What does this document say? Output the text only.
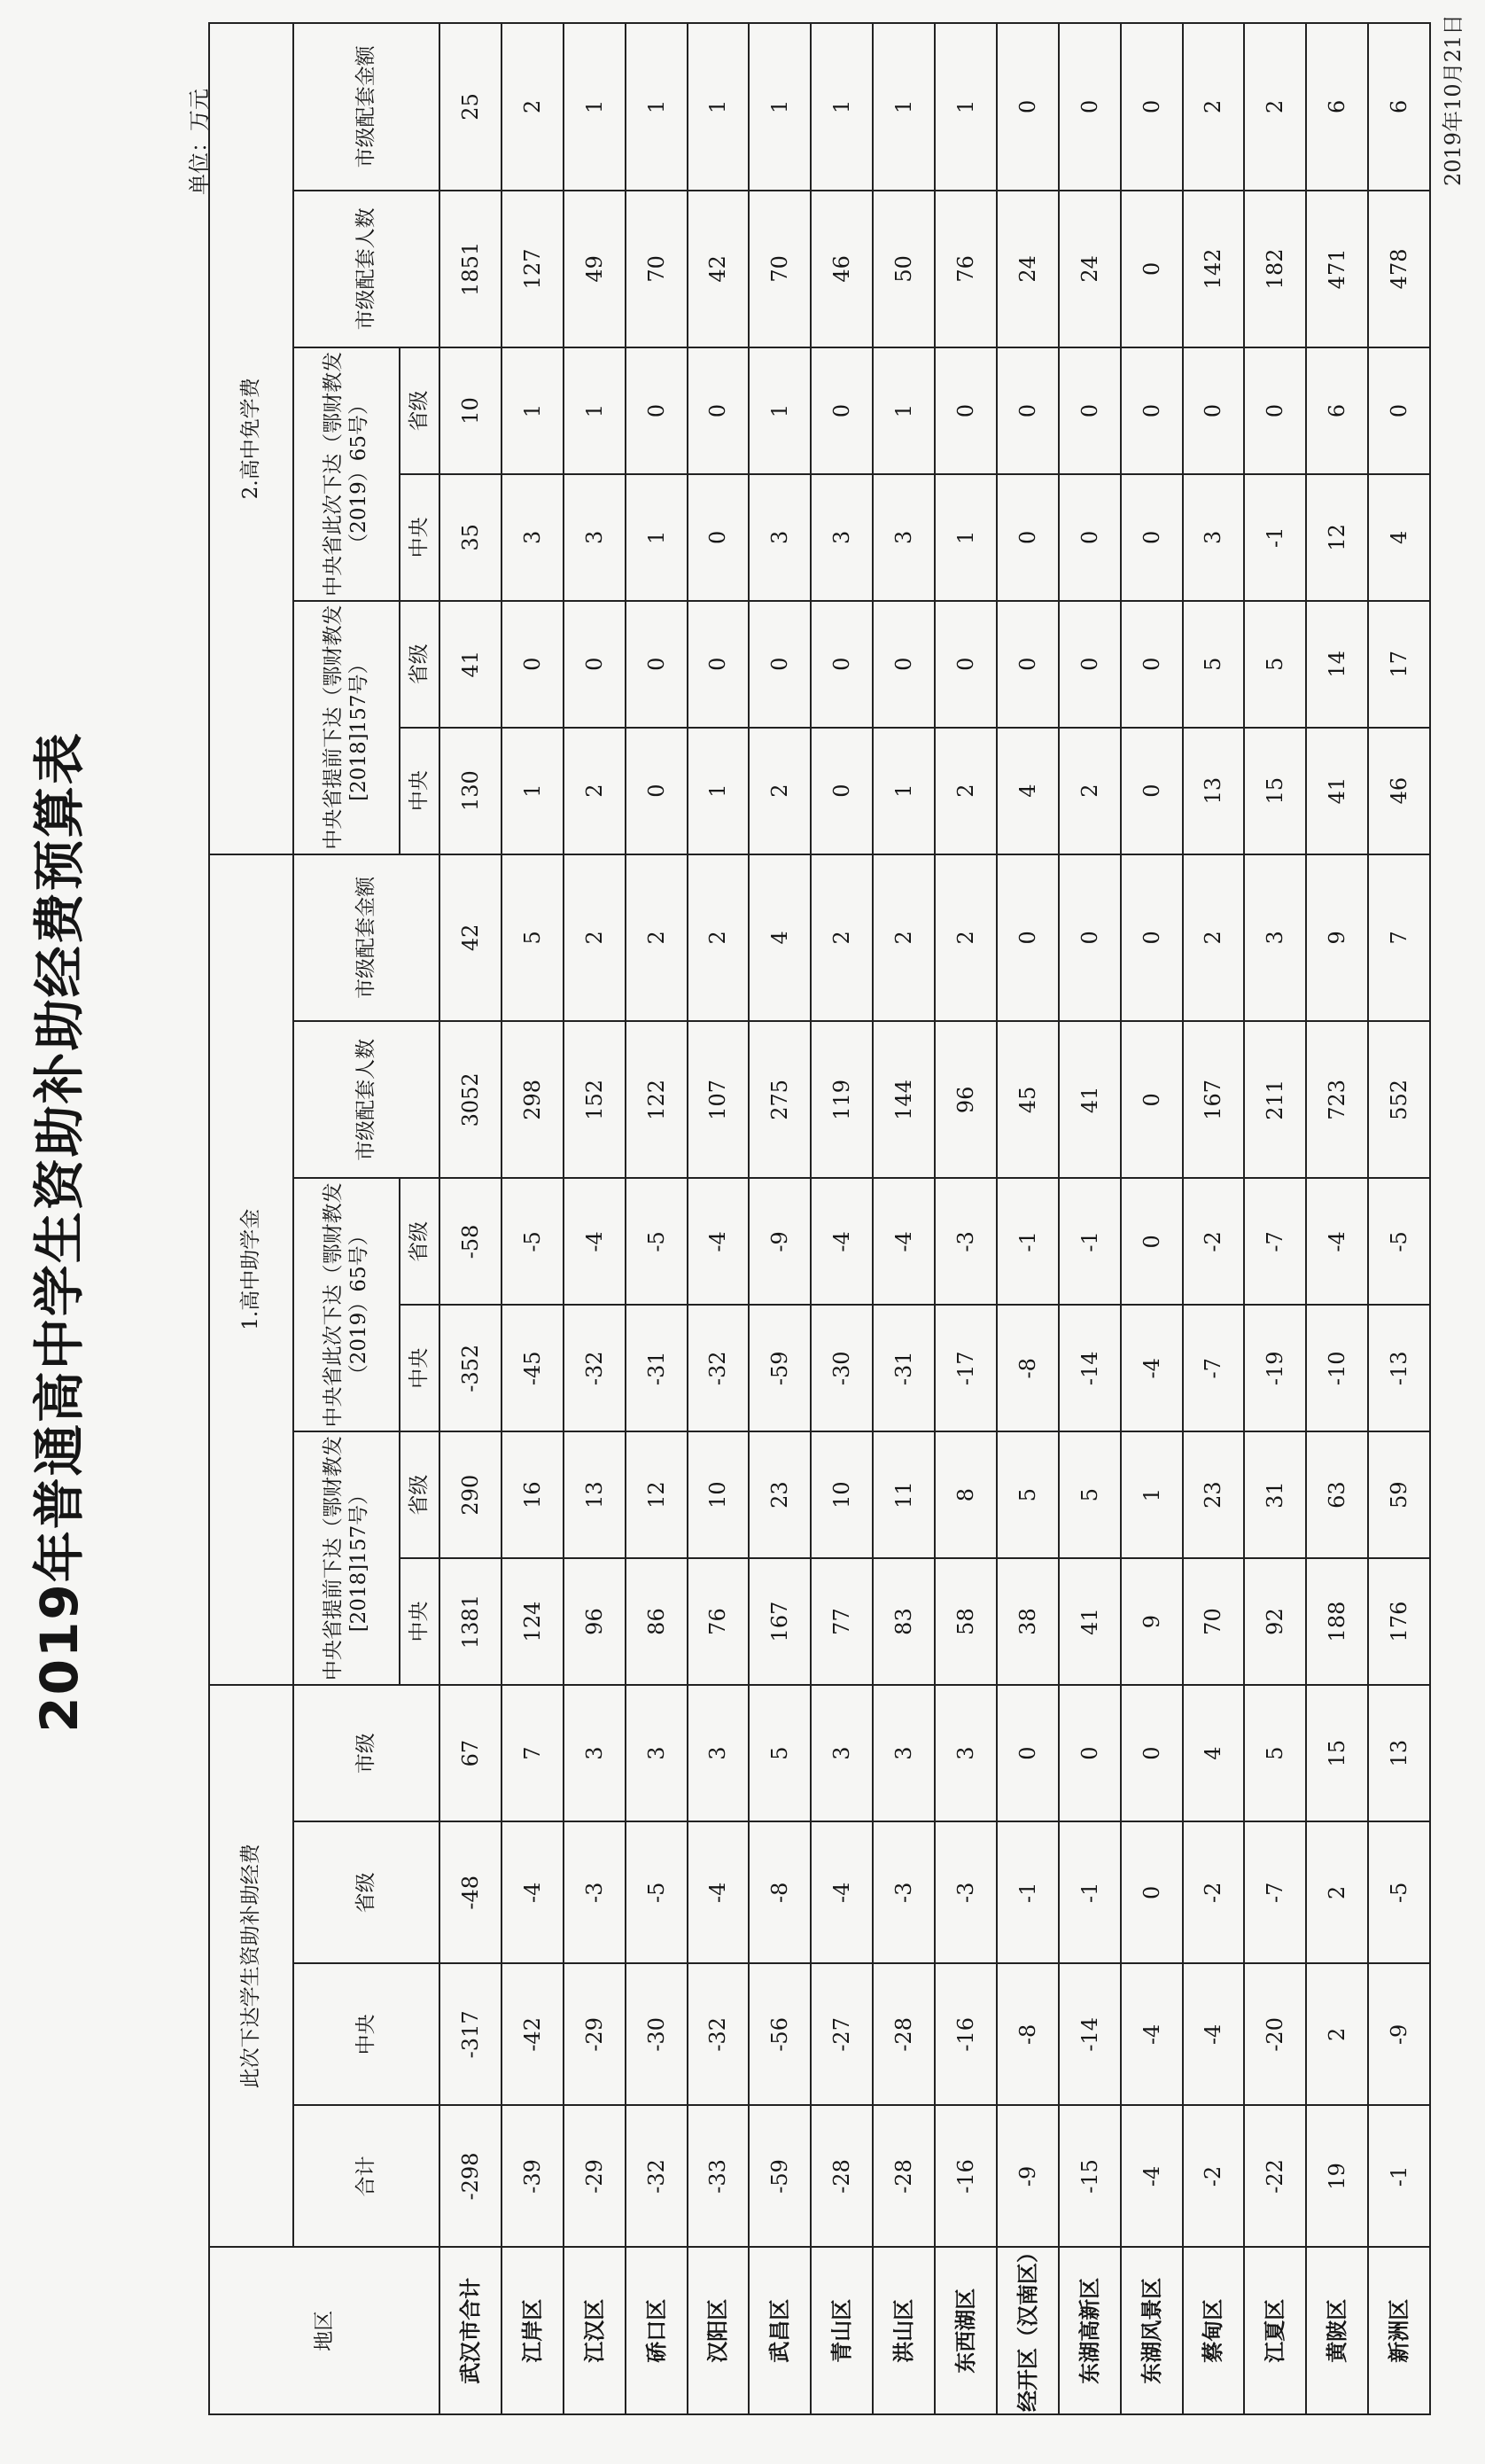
2019年普通高中学生资助补助经费预算表
单位：万元	2019年10月21日
地区	此次下达学生资助补助经费				1.高中助学金						2.高中免学费					
	合计	中央	省级	市级	中央省提前下达（鄂财教发[2018]157号）		中央省此次下达（鄂财教发（2019）65号）		市级配套人数	市级配套金额	中央省提前下达（鄂财教发[2018]157号）		中央省此次下达（鄂财教发（2019）65号）		市级配套人数	市级配套金额
					中央	省级	中央	省级			中央	省级	中央	省级		
武汉市合计	-298	-317	-48	67	1381	290	-352	-58	3052	42	130	41	35	10	1851	25
江岸区	-39	-42	-4	7	124	16	-45	-5	298	5	1	0	3	1	127	2
江汉区	-29	-29	-3	3	96	13	-32	-4	152	2	2	0	3	1	49	1
硚口区	-32	-30	-5	3	86	12	-31	-5	122	2	0	0	1	0	70	1
汉阳区	-33	-32	-4	3	76	10	-32	-4	107	2	1	0	0	0	42	1
武昌区	-59	-56	-8	5	167	23	-59	-9	275	4	2	0	3	1	70	1
青山区	-28	-27	-4	3	77	10	-30	-4	119	2	0	0	3	0	46	1
洪山区	-28	-28	-3	3	83	11	-31	-4	144	2	1	0	3	1	50	1
东西湖区	-16	-16	-3	3	58	8	-17	-3	96	2	2	0	1	0	76	1
经开区（汉南区）	-9	-8	-1	0	38	5	-8	-1	45	0	4	0	0	0	24	0
东湖高新区	-15	-14	-1	0	41	5	-14	-1	41	0	2	0	0	0	24	0
东湖风景区	-4	-4	0	0	9	1	-4	0	0	0	0	0	0	0	0	0
蔡甸区	-2	-4	-2	4	70	23	-7	-2	167	2	13	5	3	0	142	2
江夏区	-22	-20	-7	5	92	31	-19	-7	211	3	15	5	-1	0	182	2
黄陂区	19	2	2	15	188	63	-10	-4	723	9	41	14	12	6	471	6
新洲区	-1	-9	-5	13	176	59	-13	-5	552	7	46	17	4	0	478	6
